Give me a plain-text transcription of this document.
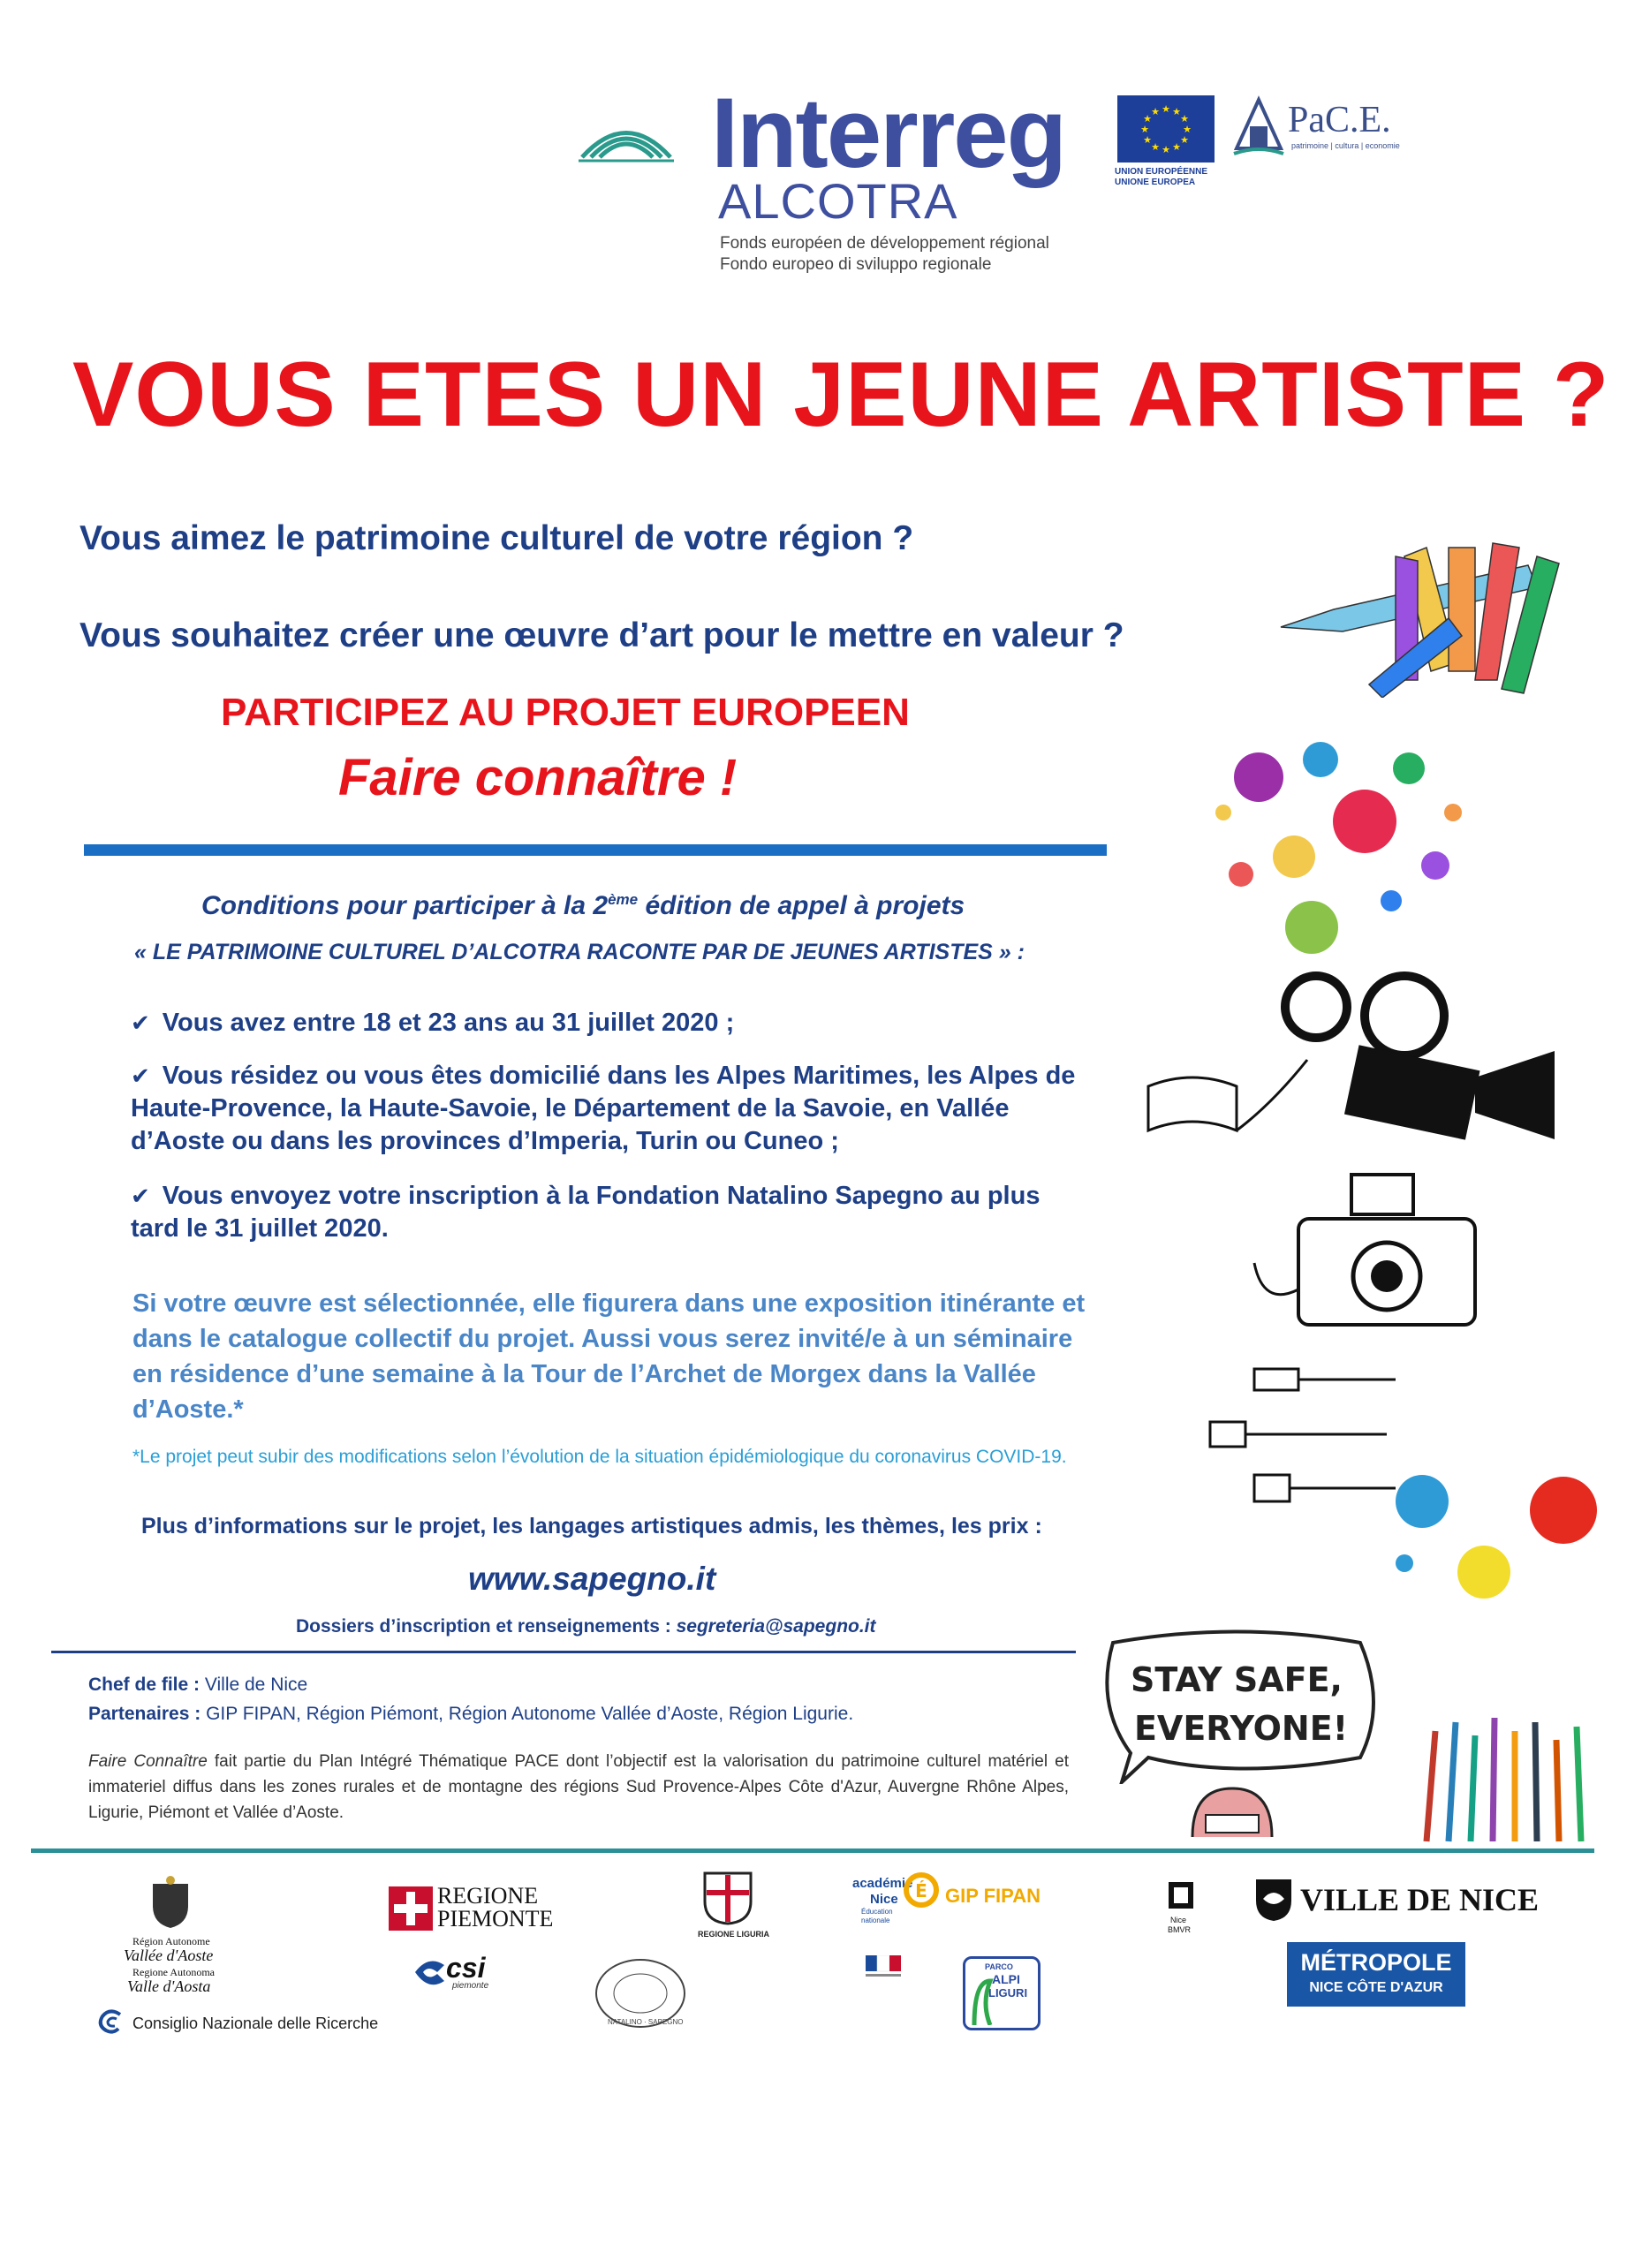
Interreg
ALCOTRA
Fonds européen de développement régional
Fondo europeo di sviluppo regionale
★ ★
★
★
★
★
★
★
★
★
★
★
UNION EUROPÉENNE
UNIONE EUROPEA
PaC.E.
patrimoine | cultura | economie
VOUS ETES UN JEUNE ARTISTE ?
Vous aimez le patrimoine culturel de votre région ?
Vous souhaitez créer une œuvre d’art pour le mettre en valeur ?
PARTICIPEZ AU PROJET EUROPEEN
Faire connaître !
Conditions pour participer à la 2ème édition de appel à projets
« LE PATRIMOINE CULTUREL D’ALCOTRA RACONTE PAR DE JEUNES ARTISTES » :
✔ Vous avez entre 18 et 23 ans au 31 juillet 2020 ;
✔ Vous résidez ou vous êtes domicilié dans les Alpes Maritimes, les Alpes de Haute-Provence, la Haute-Savoie, le Département de la Savoie, en Vallée d’Aoste ou dans les provinces d’Imperia, Turin ou Cuneo ;
✔ Vous envoyez votre inscription à la Fondation Natalino Sapegno au plus tard le 31 juillet 2020.
Si votre œuvre est sélectionnée, elle figurera dans une exposition itinérante et dans le catalogue collectif du projet. Aussi vous serez invité/e à un séminaire en résidence d’une semaine à la Tour de l’Archet de Morgex dans la Vallée d’Aoste.*
*Le projet peut subir des modifications selon l’évolution de la situation épidémiologique du coronavirus COVID-19.
Plus d’informations sur le projet, les langages artistiques admis, les thèmes, les prix :
www.sapegno.it
Dossiers d’inscription et renseignements : segreteria@sapegno.it
Chef de file : Ville de Nice
Partenaires : GIP FIPAN, Région Piémont, Région Autonome Vallée d’Aoste, Région Ligurie.
Faire Connaître fait partie du Plan Intégré Thématique PACE dont l’objectif est la valorisation du patrimoine culturel matériel et immateriel diffus dans les zones rurales et de montagne des régions Sud Provence-Alpes Côte d'Azur, Auvergne Rhône Alpes, Ligurie, Piémont et Vallée d’Aoste.
STAY SAFE,
EVERYONE!
Région Autonome
Vallée d'Aoste
Regione Autonoma
Valle d'Aosta
REGIONE
PIEMONTE
csi
piemonte
REGIONE LIGURIA
NATALINO · SAPEGNO
académie
Nice
Éducation nationale
É GIP FIPAN
PARCO
ALPI
LIGURI
Nice
BMVR
VILLE DE NICE
MÉTROPOLE
NICE CÔTE D'AZUR
Consiglio Nazionale delle Ricerche
